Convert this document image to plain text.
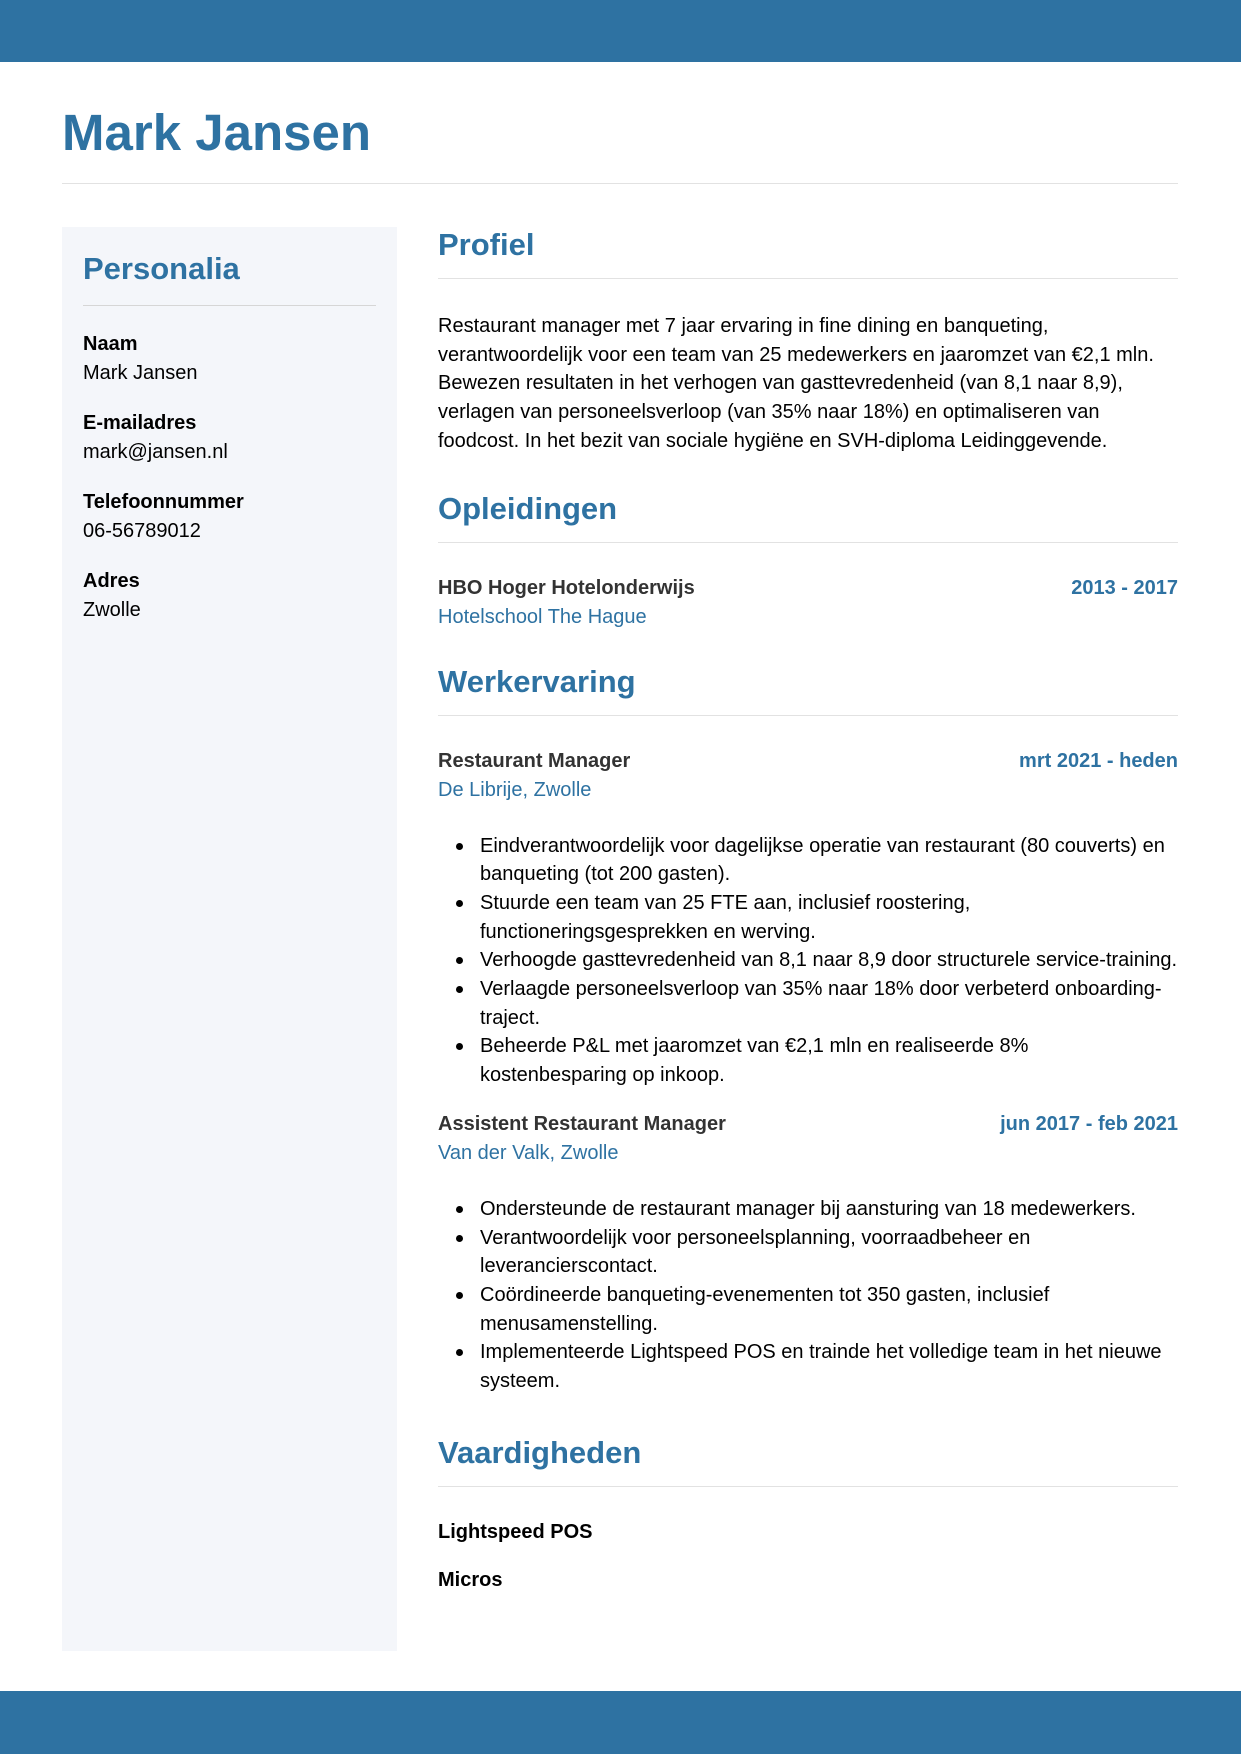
Mark Jansen
Personalia
Naam
Mark Jansen
E-mailadres
mark@jansen.nl
Telefoonnummer
06-56789012
Adres
Zwolle
Profiel

Restaurant manager met 7 jaar ervaring in fine dining en banqueting, verantwoordelijk voor een team van 25 medewerkers en jaaromzet van €2,1 mln. Bewezen resultaten in het verhogen van gasttevredenheid (van 8,1 naar 8,9), verlagen van personeelsverloop (van 35% naar 18%) en optimaliseren van foodcost. In het bezit van sociale hygiëne en SVH-diploma Leidinggevende.

Opleidingen
HBO Hoger Hotelonderwijs	2013 - 2017
Hotelschool The Hague
Werkervaring
Restaurant Manager	mrt 2021 - heden
De Librije, Zwolle
Eindverantwoordelijk voor dagelijkse operatie van restaurant (80 couverts) en banqueting (tot 200 gasten).
Stuurde een team van 25 FTE aan, inclusief roostering, functioneringsgesprekken en werving.
Verhoogde gasttevredenheid van 8,1 naar 8,9 door structurele service-training.
Verlaagde personeelsverloop van 35% naar 18% door verbeterd onboarding-traject.
Beheerde P&L met jaaromzet van €2,1 mln en realiseerde 8% kostenbesparing op inkoop.
Assistent Restaurant Manager	jun 2017 - feb 2021
Van der Valk, Zwolle
Ondersteunde de restaurant manager bij aansturing van 18 medewerkers.
Verantwoordelijk voor personeelsplanning, voorraadbeheer en leverancierscontact.
Coördineerde banqueting-evenementen tot 350 gasten, inclusief menusamenstelling.
Implementeerde Lightspeed POS en trainde het volledige team in het nieuwe systeem.
Vaardigheden
Lightspeed POS
Micros
